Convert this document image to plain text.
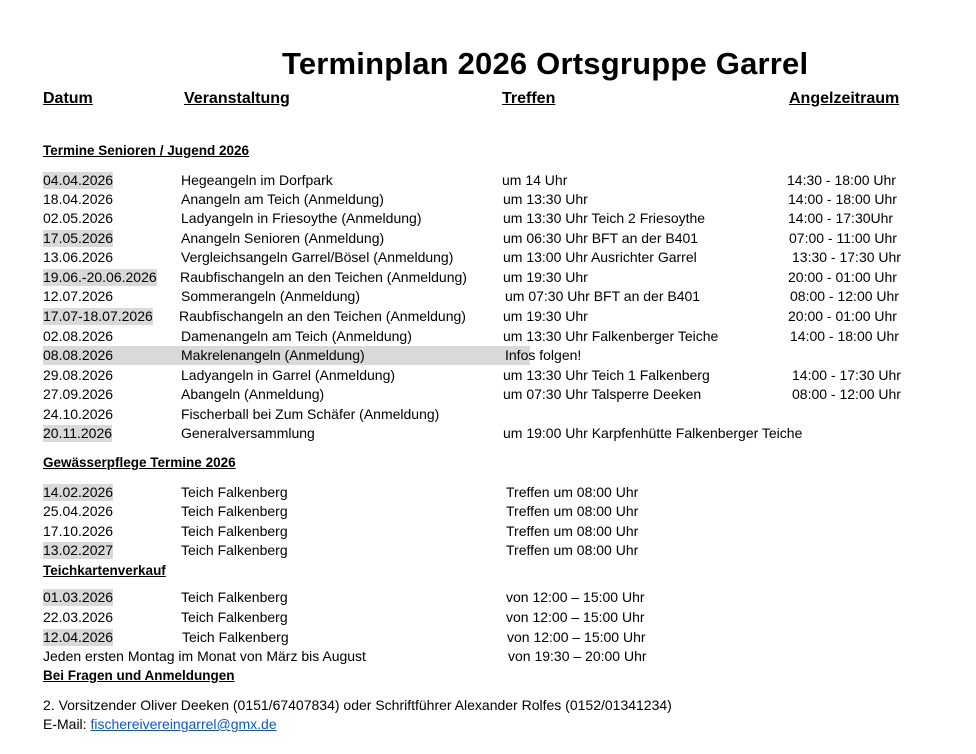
Terminplan 2026 Ortsgruppe Garrel
Datum	Veranstaltung	Treffen	Angelzeitraum
Termine Senioren / Jugend 2026
04.04.2026	Hegeangeln im Dorfpark	um 14 Uhr	14:30 - 18:00 Uhr
18.04.2026	Anangeln am Teich (Anmeldung)	um 13:30 Uhr	14:00 - 18:00 Uhr
02.05.2026	Ladyangeln in Friesoythe (Anmeldung)	um 13:30 Uhr Teich 2 Friesoythe	14:00 - 17:30Uhr
17.05.2026	Anangeln Senioren (Anmeldung)	um 06:30 Uhr BFT an der B401	07:00 - 11:00 Uhr
13.06.2026	Vergleichsangeln Garrel/Bösel (Anmeldung)	um 13:00 Uhr Ausrichter Garrel	13:30 - 17:30 Uhr
19.06.-20.06.2026 Raubfischangeln an den Teichen (Anmeldung)	um 19:30 Uhr	20:00 - 01:00 Uhr
12.07.2026	Sommerangeln (Anmeldung)	um 07:30 Uhr BFT an der B401	08:00 - 12:00 Uhr
17.07-18.07.2026 Raubfischangeln an den Teichen (Anmeldung)	um 19:30 Uhr	20:00 - 01:00 Uhr
02.08.2026	Damenangeln am Teich (Anmeldung)	um 13:30 Uhr Falkenberger Teiche	14:00 - 18:00 Uhr
08.08.2026	Makrelenangeln (Anmeldung)	Infos folgen!
29.08.2026	Ladyangeln in Garrel (Anmeldung)	um 13:30 Uhr Teich 1 Falkenberg	14:00 - 17:30 Uhr
27.09.2026	Abangeln (Anmeldung)	um 07:30 Uhr Talsperre Deeken	08:00 - 12:00 Uhr
24.10.2026	Fischerball bei Zum Schäfer (Anmeldung)
20.11.2026	Generalversammlung	um 19:00 Uhr Karpfenhütte Falkenberger Teiche
Gewässerpflege Termine 2026
14.02.2026	Teich Falkenberg	Treffen um 08:00 Uhr
25.04.2026	Teich Falkenberg	Treffen um 08:00 Uhr
17.10.2026	Teich Falkenberg	Treffen um 08:00 Uhr
13.02.2027	Teich Falkenberg	Treffen um 08:00 Uhr
Teichkartenverkauf
01.03.2026	Teich Falkenberg	von 12:00 – 15:00 Uhr
22.03.2026	Teich Falkenberg	von 12:00 – 15:00 Uhr
12.04.2026	Teich Falkenberg	von 12:00 – 15:00 Uhr
Jeden ersten Montag im Monat von März bis August	von 19:30 – 20:00 Uhr
Bei Fragen und Anmeldungen
2. Vorsitzender Oliver Deeken (0151/67407834) oder Schriftführer Alexander Rolfes (0152/01341234)
E-Mail: fischereivereingarrel@gmx.de
